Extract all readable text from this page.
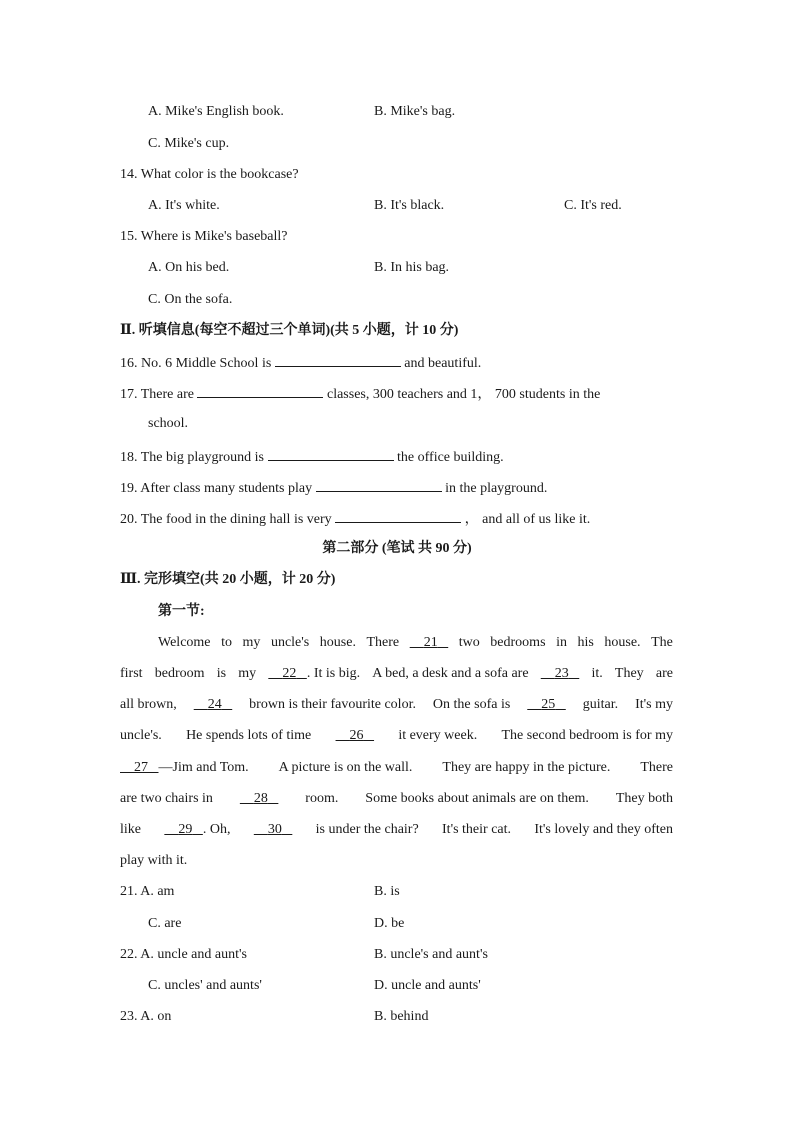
A. Mike's English book.	B. Mike's bag.
C. Mike's cup.
14. What color is the bookcase?
A. It's white.	B. It's black.	C. It's red.
15. Where is Mike's baseball?
A. On his bed.	B. In his bag.
C. On the sofa.
Ⅱ. 听填信息(每空不超过三个单词)(共 5 小题，计 10 分)
16. No. 6 Middle School is	and beautiful.
17. There are	classes, 300 teachers and 1， 700 students in the
school.
18. The big playground is	the office building.
19. After class many students play	in the playground.
20. The food in the dining hall is very	， and all of us like it.
第二部分 (笔试 共 90 分)
Ⅲ. 完形填空(共 20 小题，计 20 分)
第一节:
Welcome to my uncle's house. There	21	two bedrooms in his house. The
first bedroom is my	22 . It is big. A bed, a desk and a sofa are	23	it. They are
all brown,	24	brown is their favourite color. On the sofa is	25	guitar. It's my
uncle's. He spends lots of time	26	it every week. The second bedroom is for my
27 —Jim and Tom. A picture is on the wall. They are happy in the picture. There
are two chairs in	28	room. Some books about animals are on them. They both
like	29 . Oh,	30	is under the chair? It's their cat. It's lovely and they often
play with it.
21. A. am	B. is
C. are	D. be
22. A. uncle and aunt's	B. uncle's and aunt's
C. uncles' and aunts'	D. uncle and aunts'
23. A. on	B. behind
